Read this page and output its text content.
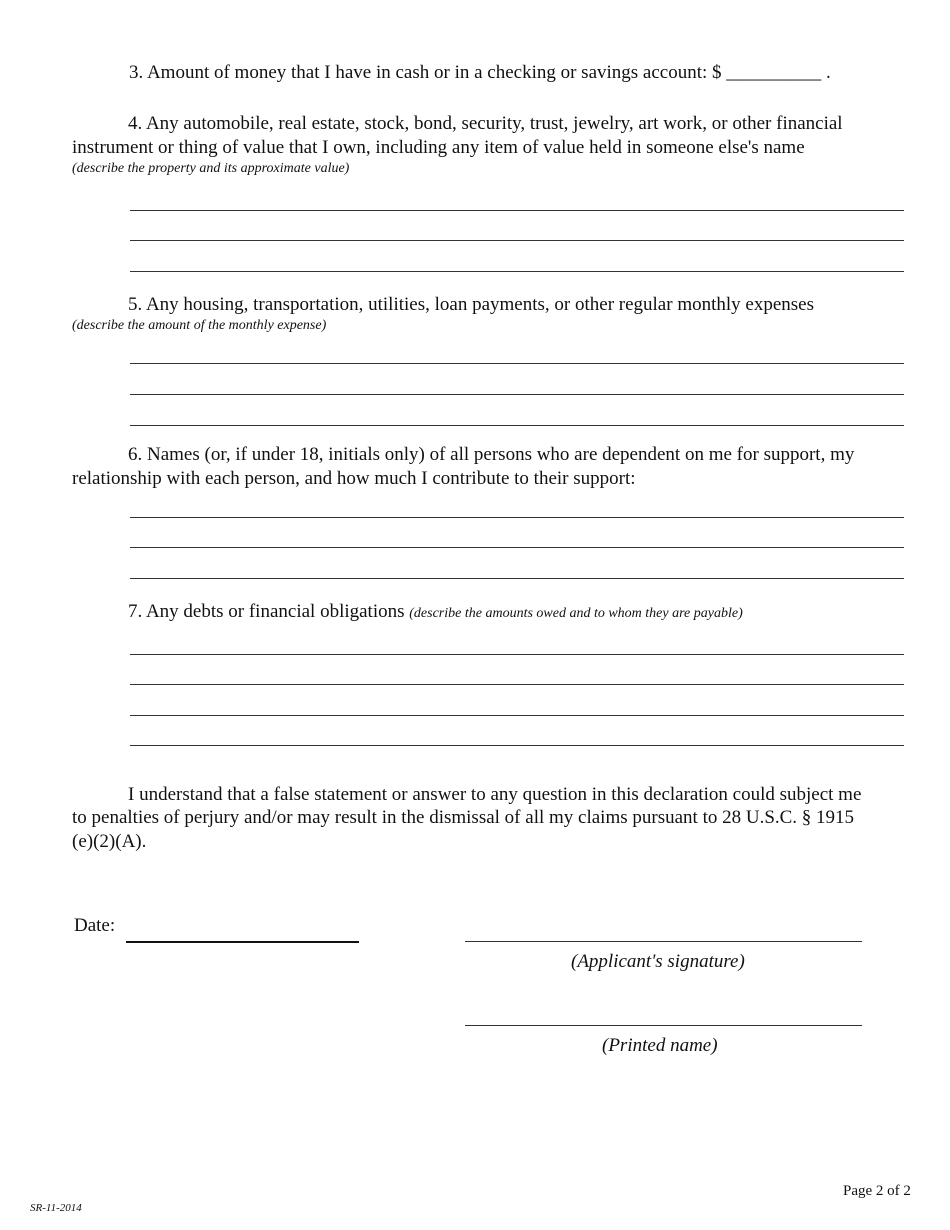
3. Amount of money that I have in cash or in a checking or savings account: $ __________ .
4. Any automobile, real estate, stock, bond, security, trust, jewelry, art work, or other financial
instrument or thing of value that I own, including any item of value held in someone else's name
(describe the property and its approximate value)
5. Any housing, transportation, utilities, loan payments, or other regular monthly expenses
(describe the amount of the monthly expense)
6. Names (or, if under 18, initials only) of all persons who are dependent on me for support, my
relationship with each person, and how much I contribute to their support:
7. Any debts or financial obligations (describe the amounts owed and to whom they are payable)
I understand that a false statement or answer to any question in this declaration could subject me
to penalties of perjury and/or may result in the dismissal of all my claims pursuant to 28 U.S.C. § 1915
(e)(2)(A).
Date:
(Applicant's signature)
(Printed name)
Page 2 of 2
SR-11-2014
